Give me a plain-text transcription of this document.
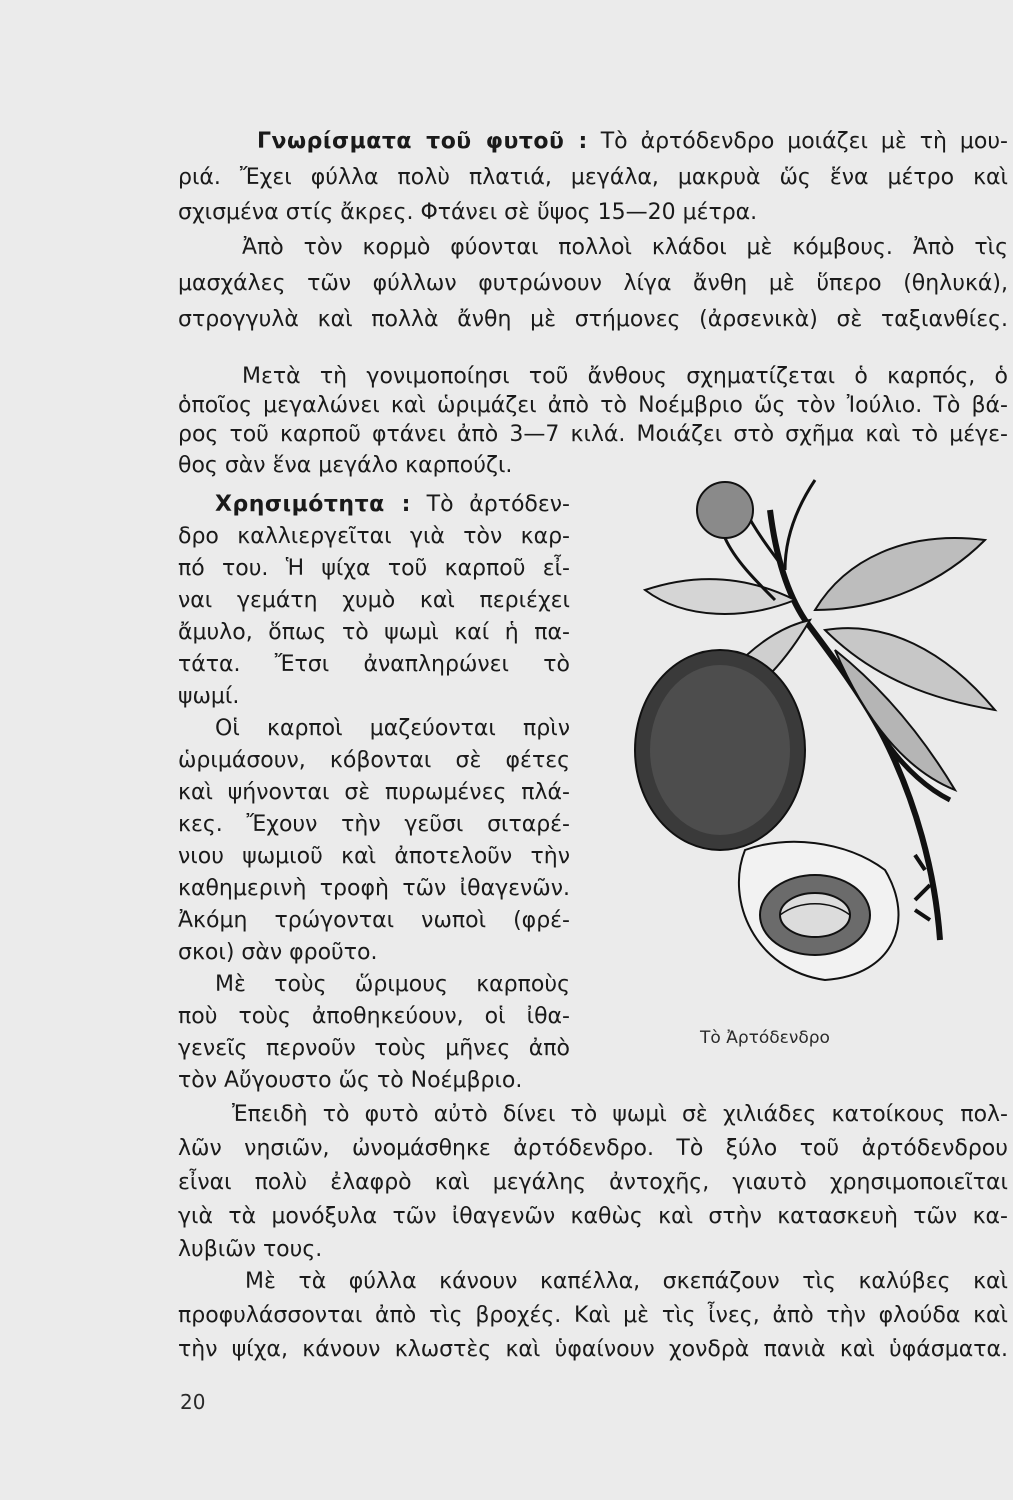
Γνωρίσματα τοῦ φυτοῦ : Τὸ ἀρτόδενδρο μοιάζει μὲ τὴ μου-
ριά. Ἔχει φύλλα πολὺ πλατιά, μεγάλα, μακρυὰ ὥς ἕνα μέτρο καὶ
σχισμένα στίς ἄκρες. Φτάνει σὲ ὕψος 15—20 μέτρα.
Ἀπὸ τὸν κορμὸ φύονται πολλοὶ κλάδοι μὲ κόμβους. Ἀπὸ τὶς
μασχάλες τῶν φύλλων φυτρώνουν λίγα ἄνθη μὲ ὕπερο (θηλυκά),
στρογγυλὰ καὶ πολλὰ ἄνθη μὲ στήμονες (ἀρσενικὰ) σὲ ταξιανθίες.
Μετὰ τὴ γονιμοποίησι τοῦ ἄνθους σχηματίζεται ὁ καρπός, ὁ
ὁποῖος μεγαλώνει καὶ ὡριμάζει ἀπὸ τὸ Νοέμβριο ὥς τὸν Ἰούλιο. Τὸ βά-
ρος τοῦ καρποῦ φτάνει ἀπὸ 3—7 κιλά. Μοιάζει στὸ σχῆμα καὶ τὸ μέγε-
θος σὰν ἕνα μεγάλο καρπούζι.
Χρησιμότητα : Τὸ ἀρτόδεν-
δρο καλλιεργεῖται γιὰ τὸν καρ-
πό του. Ἡ ψίχα τοῦ καρποῦ εἶ-
ναι γεμάτη χυμὸ καὶ περιέχει
ἄμυλο, ὅπως τὸ ψωμὶ καί ἡ πα-
τάτα. Ἔτσι ἀναπληρώνει τὸ
ψωμί.
Οἱ καρποὶ μαζεύονται πρὶν
ὡριμάσουν, κόβονται σὲ φέτες
καὶ ψήνονται σὲ πυρωμένες πλά-
κες. Ἔχουν τὴν γεῦσι σιταρέ-
νιου ψωμιοῦ καὶ ἀποτελοῦν τὴν
καθημερινὴ τροφὴ τῶν ἰθαγενῶν.
Ἀκόμη τρώγονται νωποὶ (φρέ-
σκοι) σὰν φροῦτο.
Μὲ τοὺς ὥριμους καρποὺς
ποὺ τοὺς ἀποθηκεύουν, οἱ ἰθα-
γενεῖς περνοῦν τοὺς μῆνες ἀπὸ
τὸν Αὔγουστο ὥς τὸ Νοέμβριο.
Ἐπειδὴ τὸ φυτὸ αὐτὸ δίνει τὸ ψωμὶ σὲ χιλιάδες κατοίκους πολ-
λῶν νησιῶν, ὠνομάσθηκε ἀρτόδενδρο. Τὸ ξύλο τοῦ ἀρτόδενδρου
εἶναι πολὺ ἐλαφρὸ καὶ μεγάλης ἀντοχῆς, γιαυτὸ χρησιμοποιεῖται
γιὰ τὰ μονόξυλα τῶν ἰθαγενῶν καθὼς καὶ στὴν κατασκευὴ τῶν κα-
λυβιῶν τους.
Μὲ τὰ φύλλα κάνουν καπέλλα, σκεπάζουν τὶς καλύβες καὶ
προφυλάσσονται ἀπὸ τὶς βροχές. Καὶ μὲ τὶς ἶνες, ἀπὸ τὴν φλούδα καὶ
τὴν ψίχα, κάνουν κλωστὲς καὶ ὑφαίνουν χονδρὰ πανιὰ καὶ ὑφάσματα.
Τὸ Ἀρτόδενδρο
20
